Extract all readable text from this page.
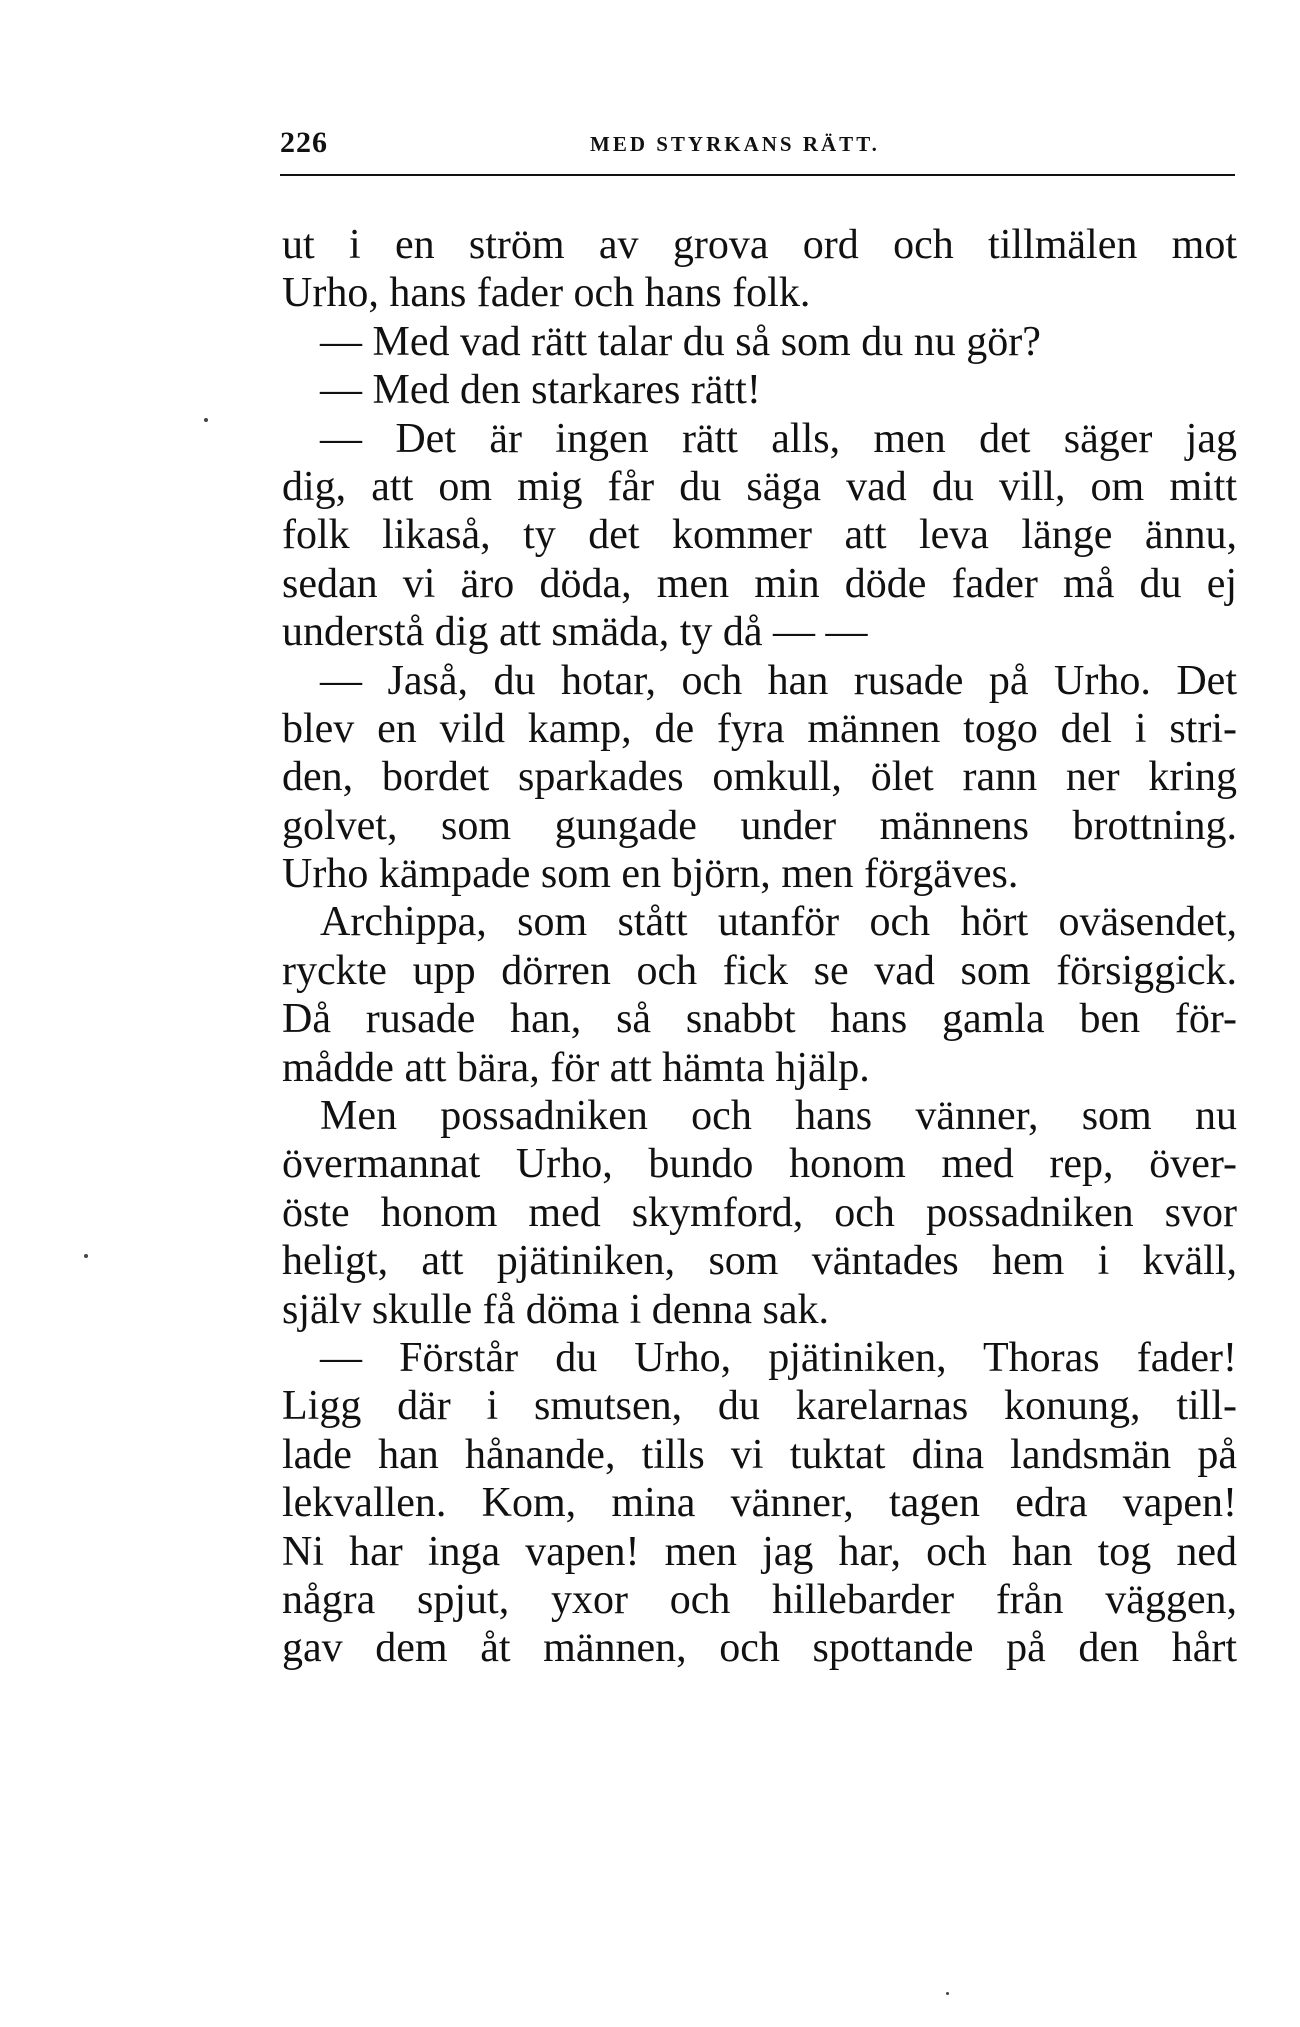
226	MED STYRKANS RÄTT.
ut i en ström av grova ord och tillmälen mot
Urho, hans fader och hans folk.
— Med vad rätt talar du så som du nu gör?
— Med den starkares rätt!
— Det är ingen rätt alls, men det säger jag
dig, att om mig får du säga vad du vill, om mitt
folk likaså, ty det kommer att leva länge ännu,
sedan vi äro döda, men min döde fader må du ej
understå dig att smäda, ty då — —
— Jaså, du hotar, och han rusade på Urho. Det
blev en vild kamp, de fyra männen togo del i stri-
den, bordet sparkades omkull, ölet rann ner kring
golvet, som gungade under männens brottning.
Urho kämpade som en björn, men förgäves.
Archippa, som stått utanför och hört oväsendet,
ryckte upp dörren och fick se vad som försiggick.
Då rusade han, så snabbt hans gamla ben för-
mådde att bära, för att hämta hjälp.
Men possadniken och hans vänner, som nu
övermannat Urho, bundo honom med rep, över-
öste honom med skymford, och possadniken svor
heligt, att pjätiniken, som väntades hem i kväll,
själv skulle få döma i denna sak.
— Förstår du Urho, pjätiniken, Thoras fader!
Ligg där i smutsen, du karelarnas konung, till-
lade han hånande, tills vi tuktat dina landsmän på
lekvallen. Kom, mina vänner, tagen edra vapen!
Ni har inga vapen! men jag har, och han tog ned
några spjut, yxor och hillebarder från väggen,
gav dem åt männen, och spottande på den hårt
